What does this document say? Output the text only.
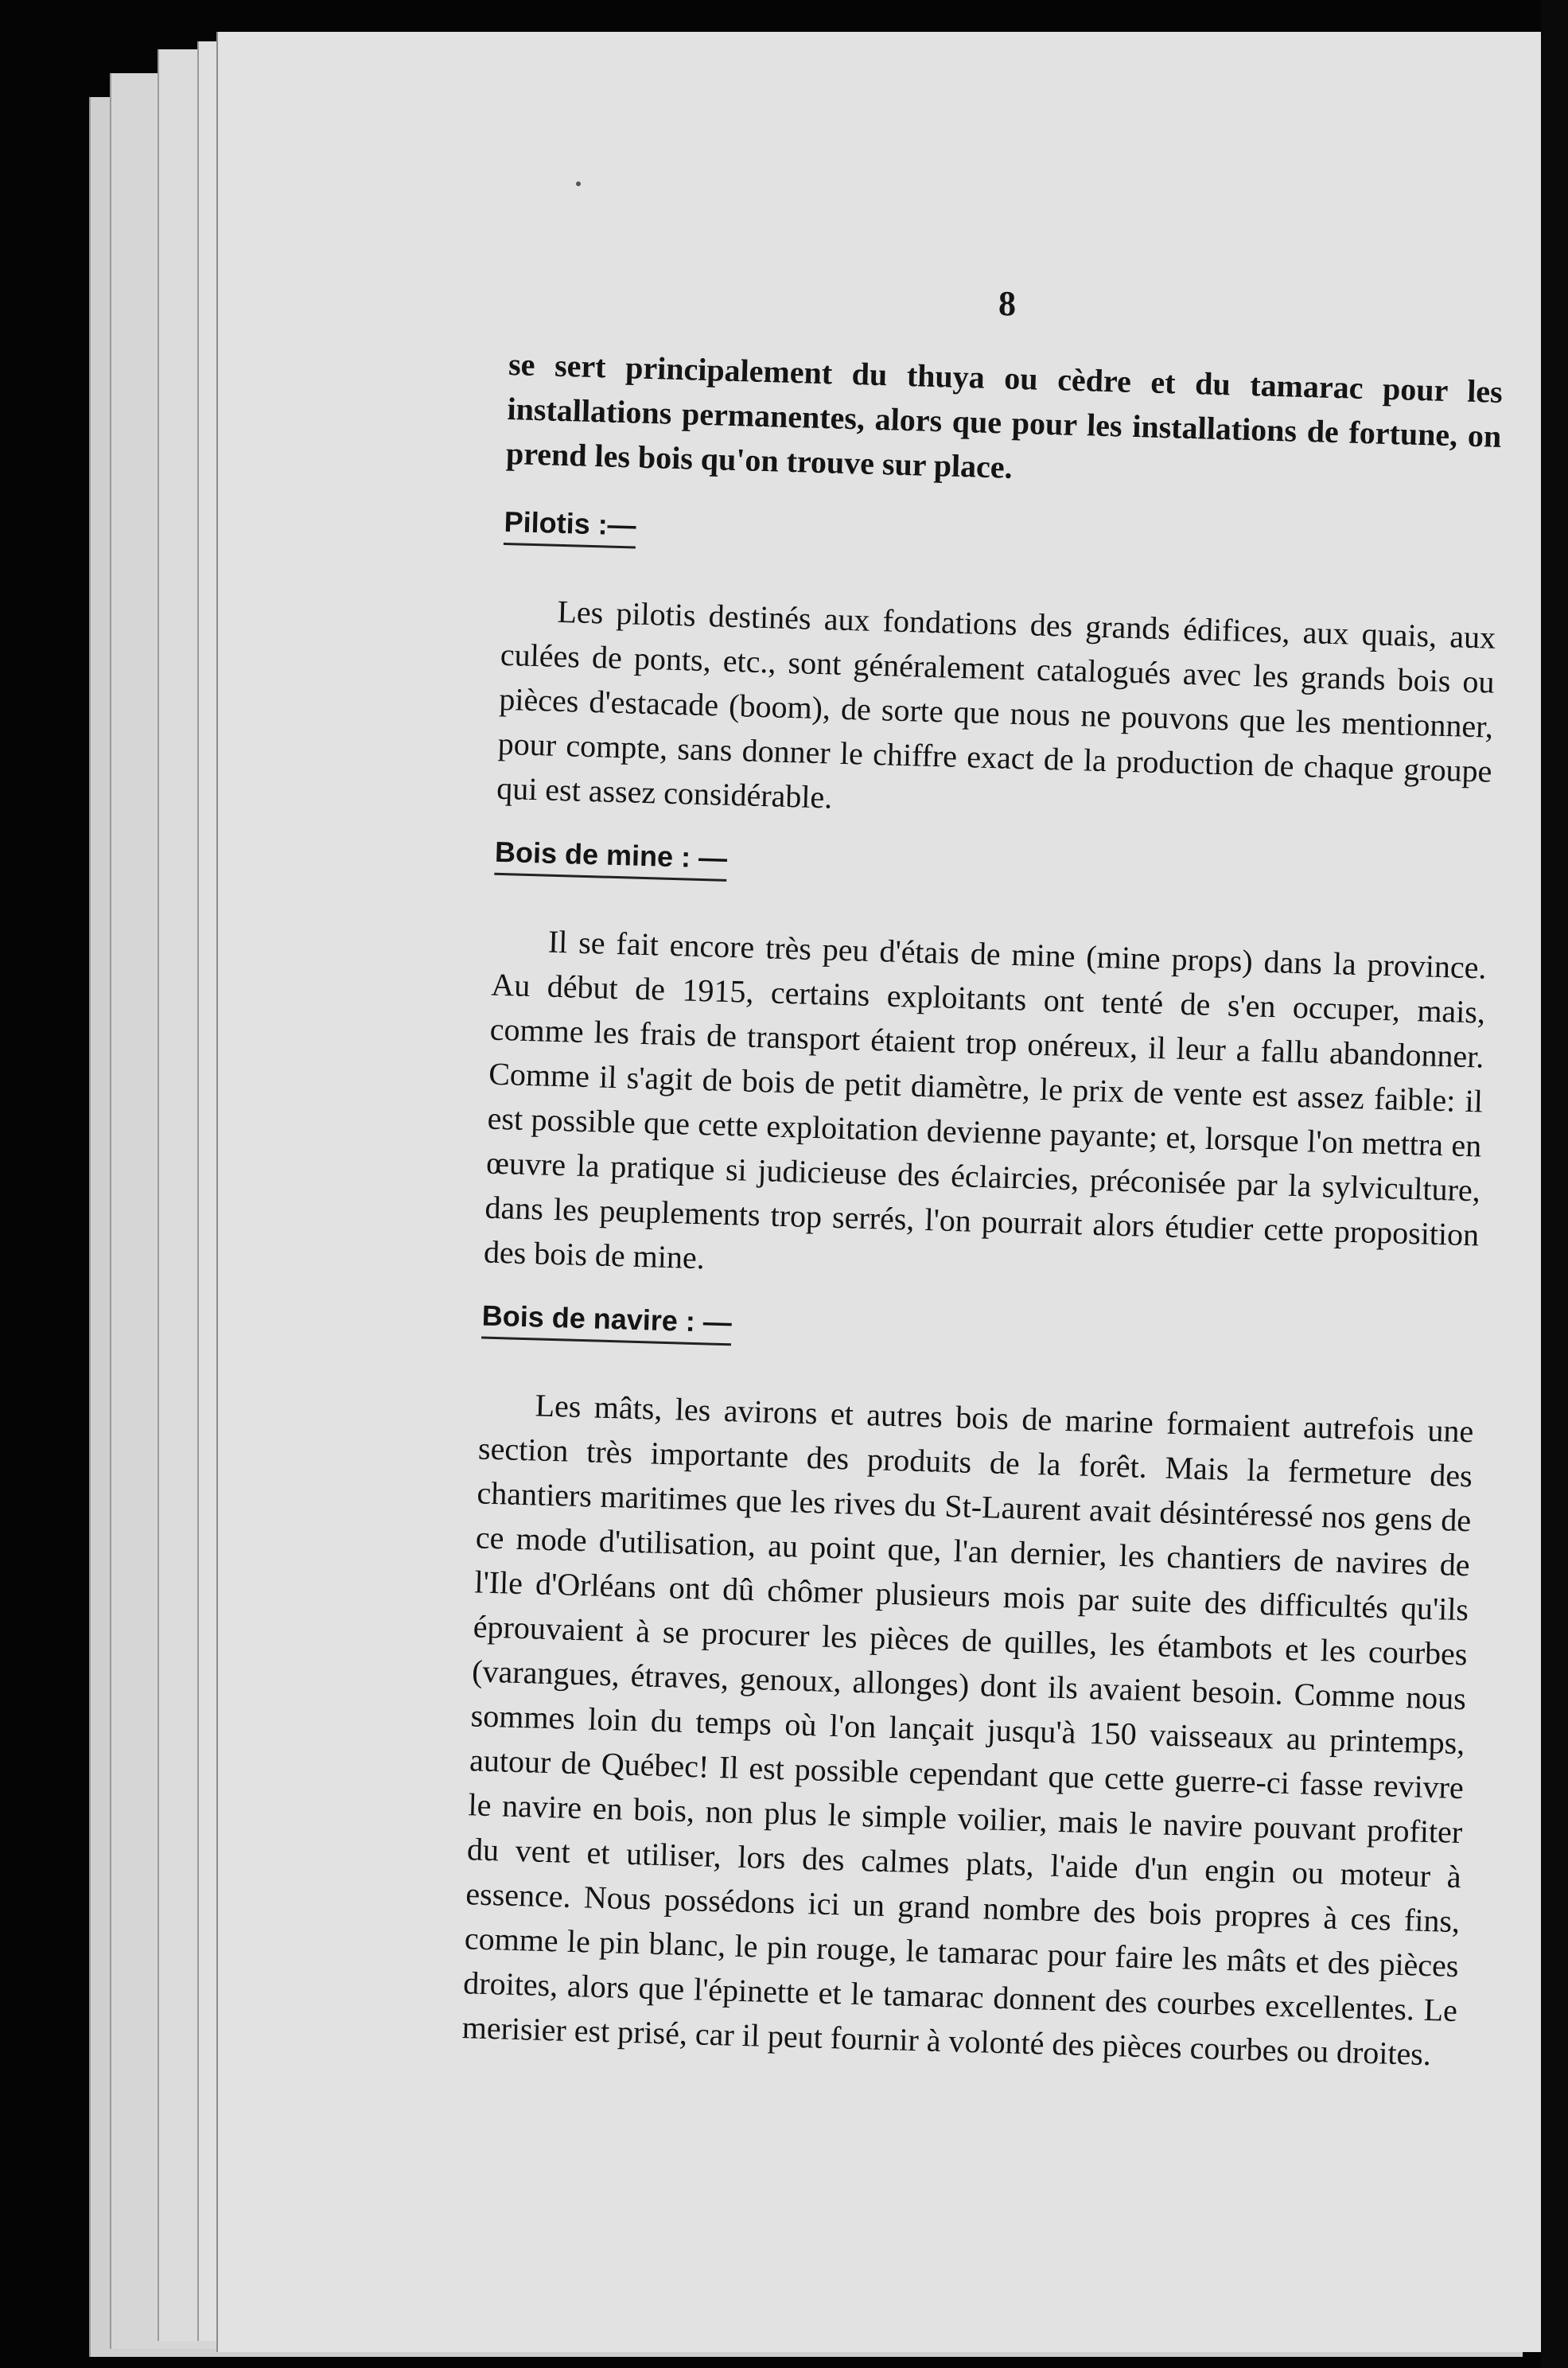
8

se sert principalement du thuya ou cèdre et du tamarac pour les installations permanentes, alors que pour les installations de fortune, on prend les bois qu'on trouve sur place.

Pilotis :—

Les pilotis destinés aux fondations des grands édifices, aux quais, aux culées de ponts, etc., sont généralement catalogués avec les grands bois ou pièces d'estacade (boom), de sorte que nous ne pouvons que les mentionner, pour compte, sans donner le chiffre exact de la production de chaque groupe qui est assez considérable.

Bois de mine : —

Il se fait encore très peu d'étais de mine (mine props) dans la province. Au début de 1915, certains exploitants ont tenté de s'en occuper, mais, comme les frais de transport étaient trop onéreux, il leur a fallu abandonner. Comme il s'agit de bois de petit diamètre, le prix de vente est assez faible: il est possible que cette exploitation devienne payante; et, lorsque l'on mettra en œuvre la pratique si judicieuse des éclaircies, préconisée par la sylviculture, dans les peuplements trop serrés, l'on pourrait alors étudier cette proposition des bois de mine.

Bois de navire : —

Les mâts, les avirons et autres bois de marine formaient autrefois une section très importante des produits de la forêt. Mais la fermeture des chantiers maritimes que les rives du St-Laurent avait désintéressé nos gens de ce mode d'utilisation, au point que, l'an dernier, les chantiers de navires de l'Ile d'Orléans ont dû chômer plusieurs mois par suite des difficultés qu'ils éprouvaient à se procurer les pièces de quilles, les étambots et les courbes (varangues, étraves, genoux, allonges) dont ils avaient besoin. Comme nous sommes loin du temps où l'on lançait jusqu'à 150 vaisseaux au printemps, autour de Québec! Il est possible cependant que cette guerre-ci fasse revivre le navire en bois, non plus le simple voilier, mais le navire pouvant profiter du vent et utiliser, lors des calmes plats, l'aide d'un engin ou moteur à essence. Nous possédons ici un grand nombre des bois propres à ces fins, comme le pin blanc, le pin rouge, le tamarac pour faire les mâts et des pièces droites, alors que l'épinette et le tamarac donnent des courbes excellentes. Le merisier est prisé, car il peut fournir à volonté des pièces courbes ou droites.
